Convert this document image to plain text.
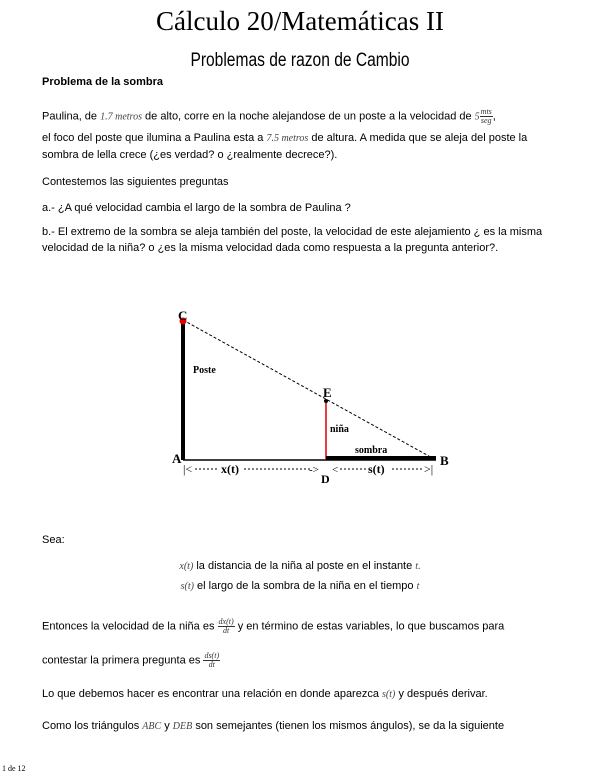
Cálculo 20/Matemáticas II
Problemas de razon de Cambio
Problema de la sombra
Paulina, de 1.7 metros de alto, corre en la noche alejandose de un poste a la velocidad de $5 \frac{\text{mts}}{\text{seg}}$ ,
el foco del poste que ilumina a Paulina esta a 7.5 metros de altura. A medida que se aleja del poste la sombra de lella crece (¿es verdad? o ¿realmente decrece?).
Contestemos las siguientes preguntas
a.- ¿A qué velocidad cambia el largo de la sombra de Paulina ?
b.- El extremo de la sombra se aleja también del poste, la velocidad de este alejamiento ¿ es la misma velocidad de la niña? o ¿es la misma velocidad dada como respuesta a la pregunta anterior?.
C
A	B
D
E
Poste
niña
sombra
|< x(t)	-> < s(t)	>|
Sea:
x(t) la distancia de la niña al poste en el instante t.
s(t) el largo de la sombra de la niña en el tiempo t
Entonces la velocidad de la niña es $\frac{dx(t)}{dt}$ y en término de estas variables, lo que buscamos para
contestar la primera pregunta es $\frac{ds(t)}{dt}$
Lo que debemos hacer es encontrar una relación en donde aparezca s(t) y después derivar.
Como los triángulos ABC y DEB son semejantes (tienen los mismos ángulos), se da la siguiente
1 de 12
